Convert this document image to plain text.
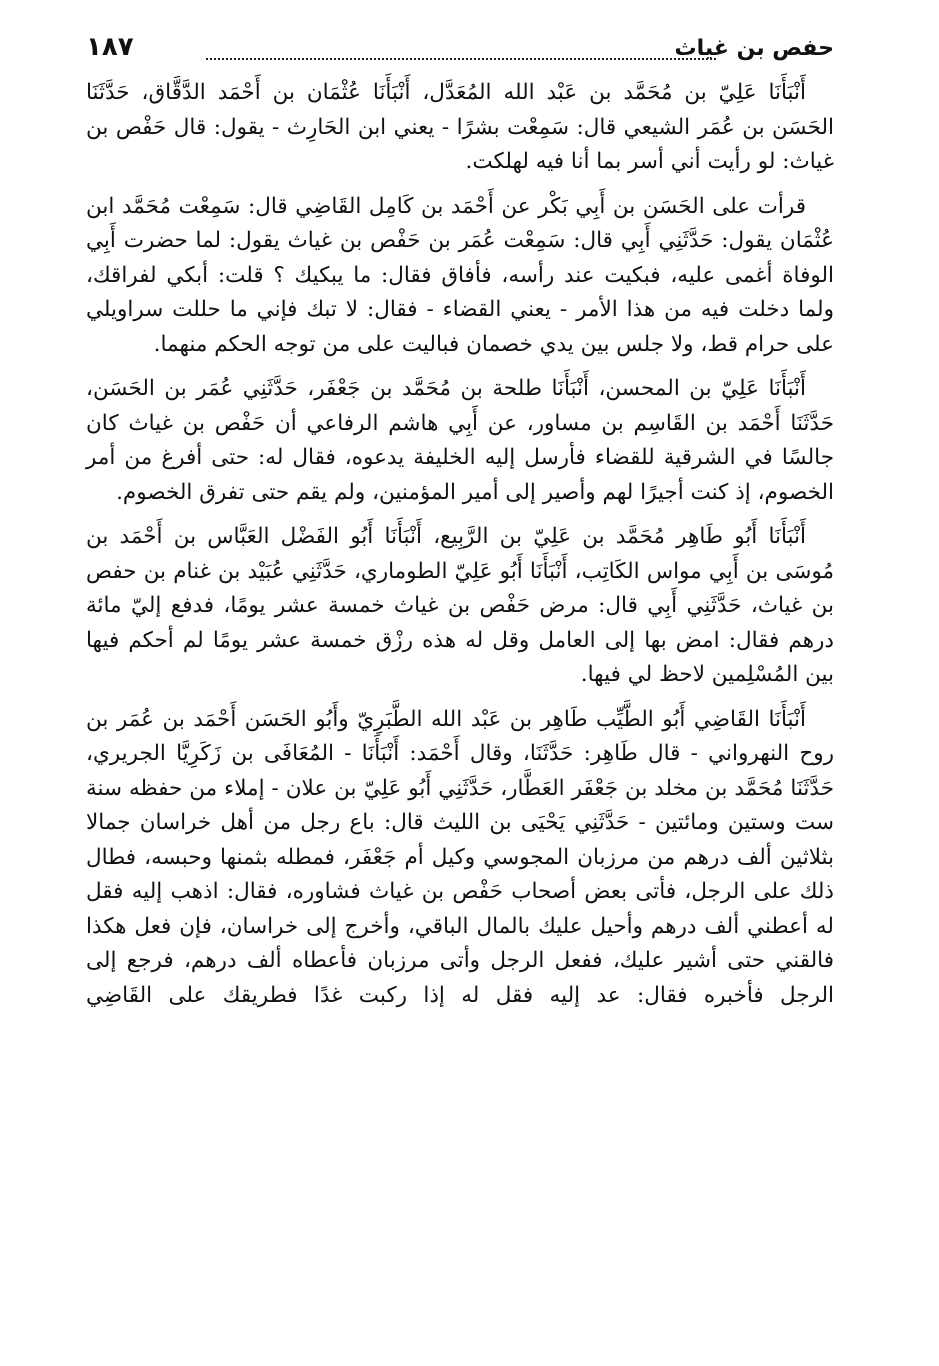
حفص بن غياث
١٨٧

أَنْبَأَنَا عَلِيّ بن مُحَمَّد بن عَبْد الله المُعَدَّل، أَنْبَأَنَا عُثْمَان بن أَحْمَد الدَّقَّاق، حَدَّثَنَا الحَسَن بن عُمَر الشيعي قال: سَمِعْت بشرًا - يعني ابن الحَارِث - يقول: قال حَفْص بن غياث: لو رأيت أني أسر بما أنا فيه لهلكت.

قرأت على الحَسَن بن أَبِي بَكْر عن أَحْمَد بن كَامِل القَاضِي قال: سَمِعْت مُحَمَّد ابن عُثْمَان يقول: حَدَّثَنِي أَبِي قال: سَمِعْت عُمَر بن حَفْص بن غياث يقول: لما حضرت أَبِي الوفاة أغمى عليه، فبكيت عند رأسه، فأفاق فقال: ما يبكيك ؟ قلت: أبكي لفراقك، ولما دخلت فيه من هذا الأمر - يعني القضاء - فقال: لا تبك فإني ما حللت سراويلي على حرام قط، ولا جلس بين يدي خصمان فباليت على من توجه الحكم منهما.

أَنْبَأَنَا عَلِيّ بن المحسن، أَنْبَأَنَا طلحة بن مُحَمَّد بن جَعْفَر، حَدَّثَنِي عُمَر بن الحَسَن، حَدَّثَنَا أَحْمَد بن القَاسِم بن مساور، عن أَبِي هاشم الرفاعي أن حَفْص بن غياث كان جالسًا في الشرقية للقضاء فأرسل إليه الخليفة يدعوه، فقال له: حتى أفرغ من أمر الخصوم، إذ كنت أجيرًا لهم وأصير إلى أمير المؤمنين، ولم يقم حتى تفرق الخصوم.

أَنْبَأَنَا أَبُو طَاهِر مُحَمَّد بن عَلِيّ بن الرَّبِيع، أَنْبَأَنَا أَبُو الفَضْل العَبَّاس بن أَحْمَد بن مُوسَى بن أَبِي مواس الكَاتِب، أَنْبَأَنَا أَبُو عَلِيّ الطوماري، حَدَّثَنِي عُبَيْد بن غنام بن حفص بن غياث، حَدَّثَنِي أَبِي قال: مرض حَفْص بن غياث خمسة عشر يومًا، فدفع إليّ مائة درهم فقال: امض بها إلى العامل وقل له هذه رزْق خمسة عشر يومًا لم أحكم فيها بين المُسْلِمين لاحظ لي فيها.

أَنْبَأَنَا القَاضِي أَبُو الطَّيِّب طَاهِر بن عَبْد الله الطَّبَرِيّ وأَبُو الحَسَن أَحْمَد بن عُمَر بن روح النهرواني - قال طَاهِر: حَدَّثَنَا، وقال أَحْمَد: أَنْبَأَنَا - المُعَافَى بن زَكَرِيَّا الجريري، حَدَّثَنَا مُحَمَّد بن مخلد بن جَعْفَر العَطَّار، حَدَّثَنِي أَبُو عَلِيّ بن علان - إملاء من حفظه سنة ست وستين ومائتين - حَدَّثَنِي يَحْيَى بن الليث قال: باع رجل من أهل خراسان جمالا بثلاثين ألف درهم من مرزبان المجوسي وكيل أم جَعْفَر، فمطله بثمنها وحبسه، فطال ذلك على الرجل، فأتى بعض أصحاب حَفْص بن غياث فشاوره، فقال: اذهب إليه فقل له أعطني ألف درهم وأحيل عليك بالمال الباقي، وأخرج إلى خراسان، فإن فعل هكذا فالقني حتى أشير عليك، ففعل الرجل وأتى مرزبان فأعطاه ألف درهم، فرجع إلى الرجل فأخبره فقال: عد إليه فقل له إذا ركبت غدًا فطريقك على القَاضِي
